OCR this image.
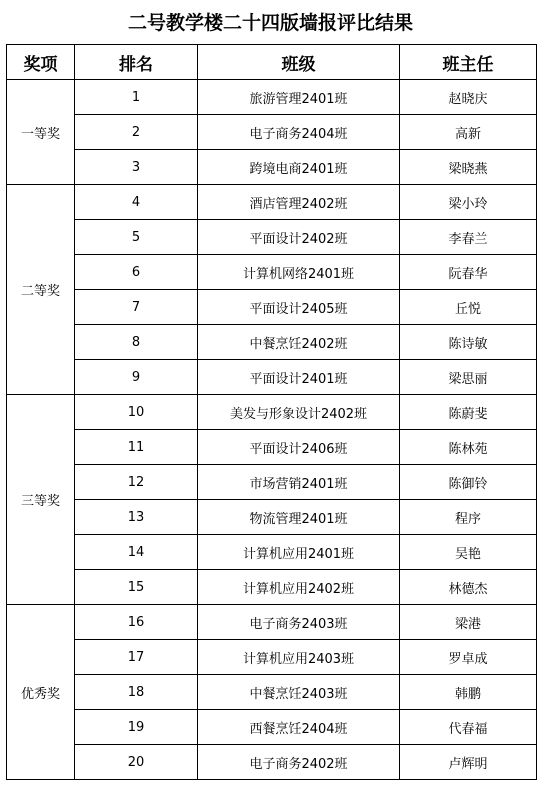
二号教学楼二十四版墙报评比结果
奖项	排名	班级	班主任
一等奖	1	旅游管理2401班	赵晓庆
	2	电子商务2404班	高新
	3	跨境电商2401班	梁晓燕
二等奖	4	酒店管理2402班	梁小玲
	5	平面设计2402班	李春兰
	6	计算机网络2401班	阮春华
	7	平面设计2405班	丘悦
	8	中餐烹饪2402班	陈诗敏
	9	平面设计2401班	梁思丽
三等奖	10	美发与形象设计2402班	陈蔚斐
	11	平面设计2406班	陈林苑
	12	市场营销2401班	陈御铃
	13	物流管理2401班	程序
	14	计算机应用2401班	吴艳
	15	计算机应用2402班	林德杰
优秀奖	16	电子商务2403班	梁港
	17	计算机应用2403班	罗卓成
	18	中餐烹饪2403班	韩鹏
	19	西餐烹饪2404班	代春福
	20	电子商务2402班	卢辉明
